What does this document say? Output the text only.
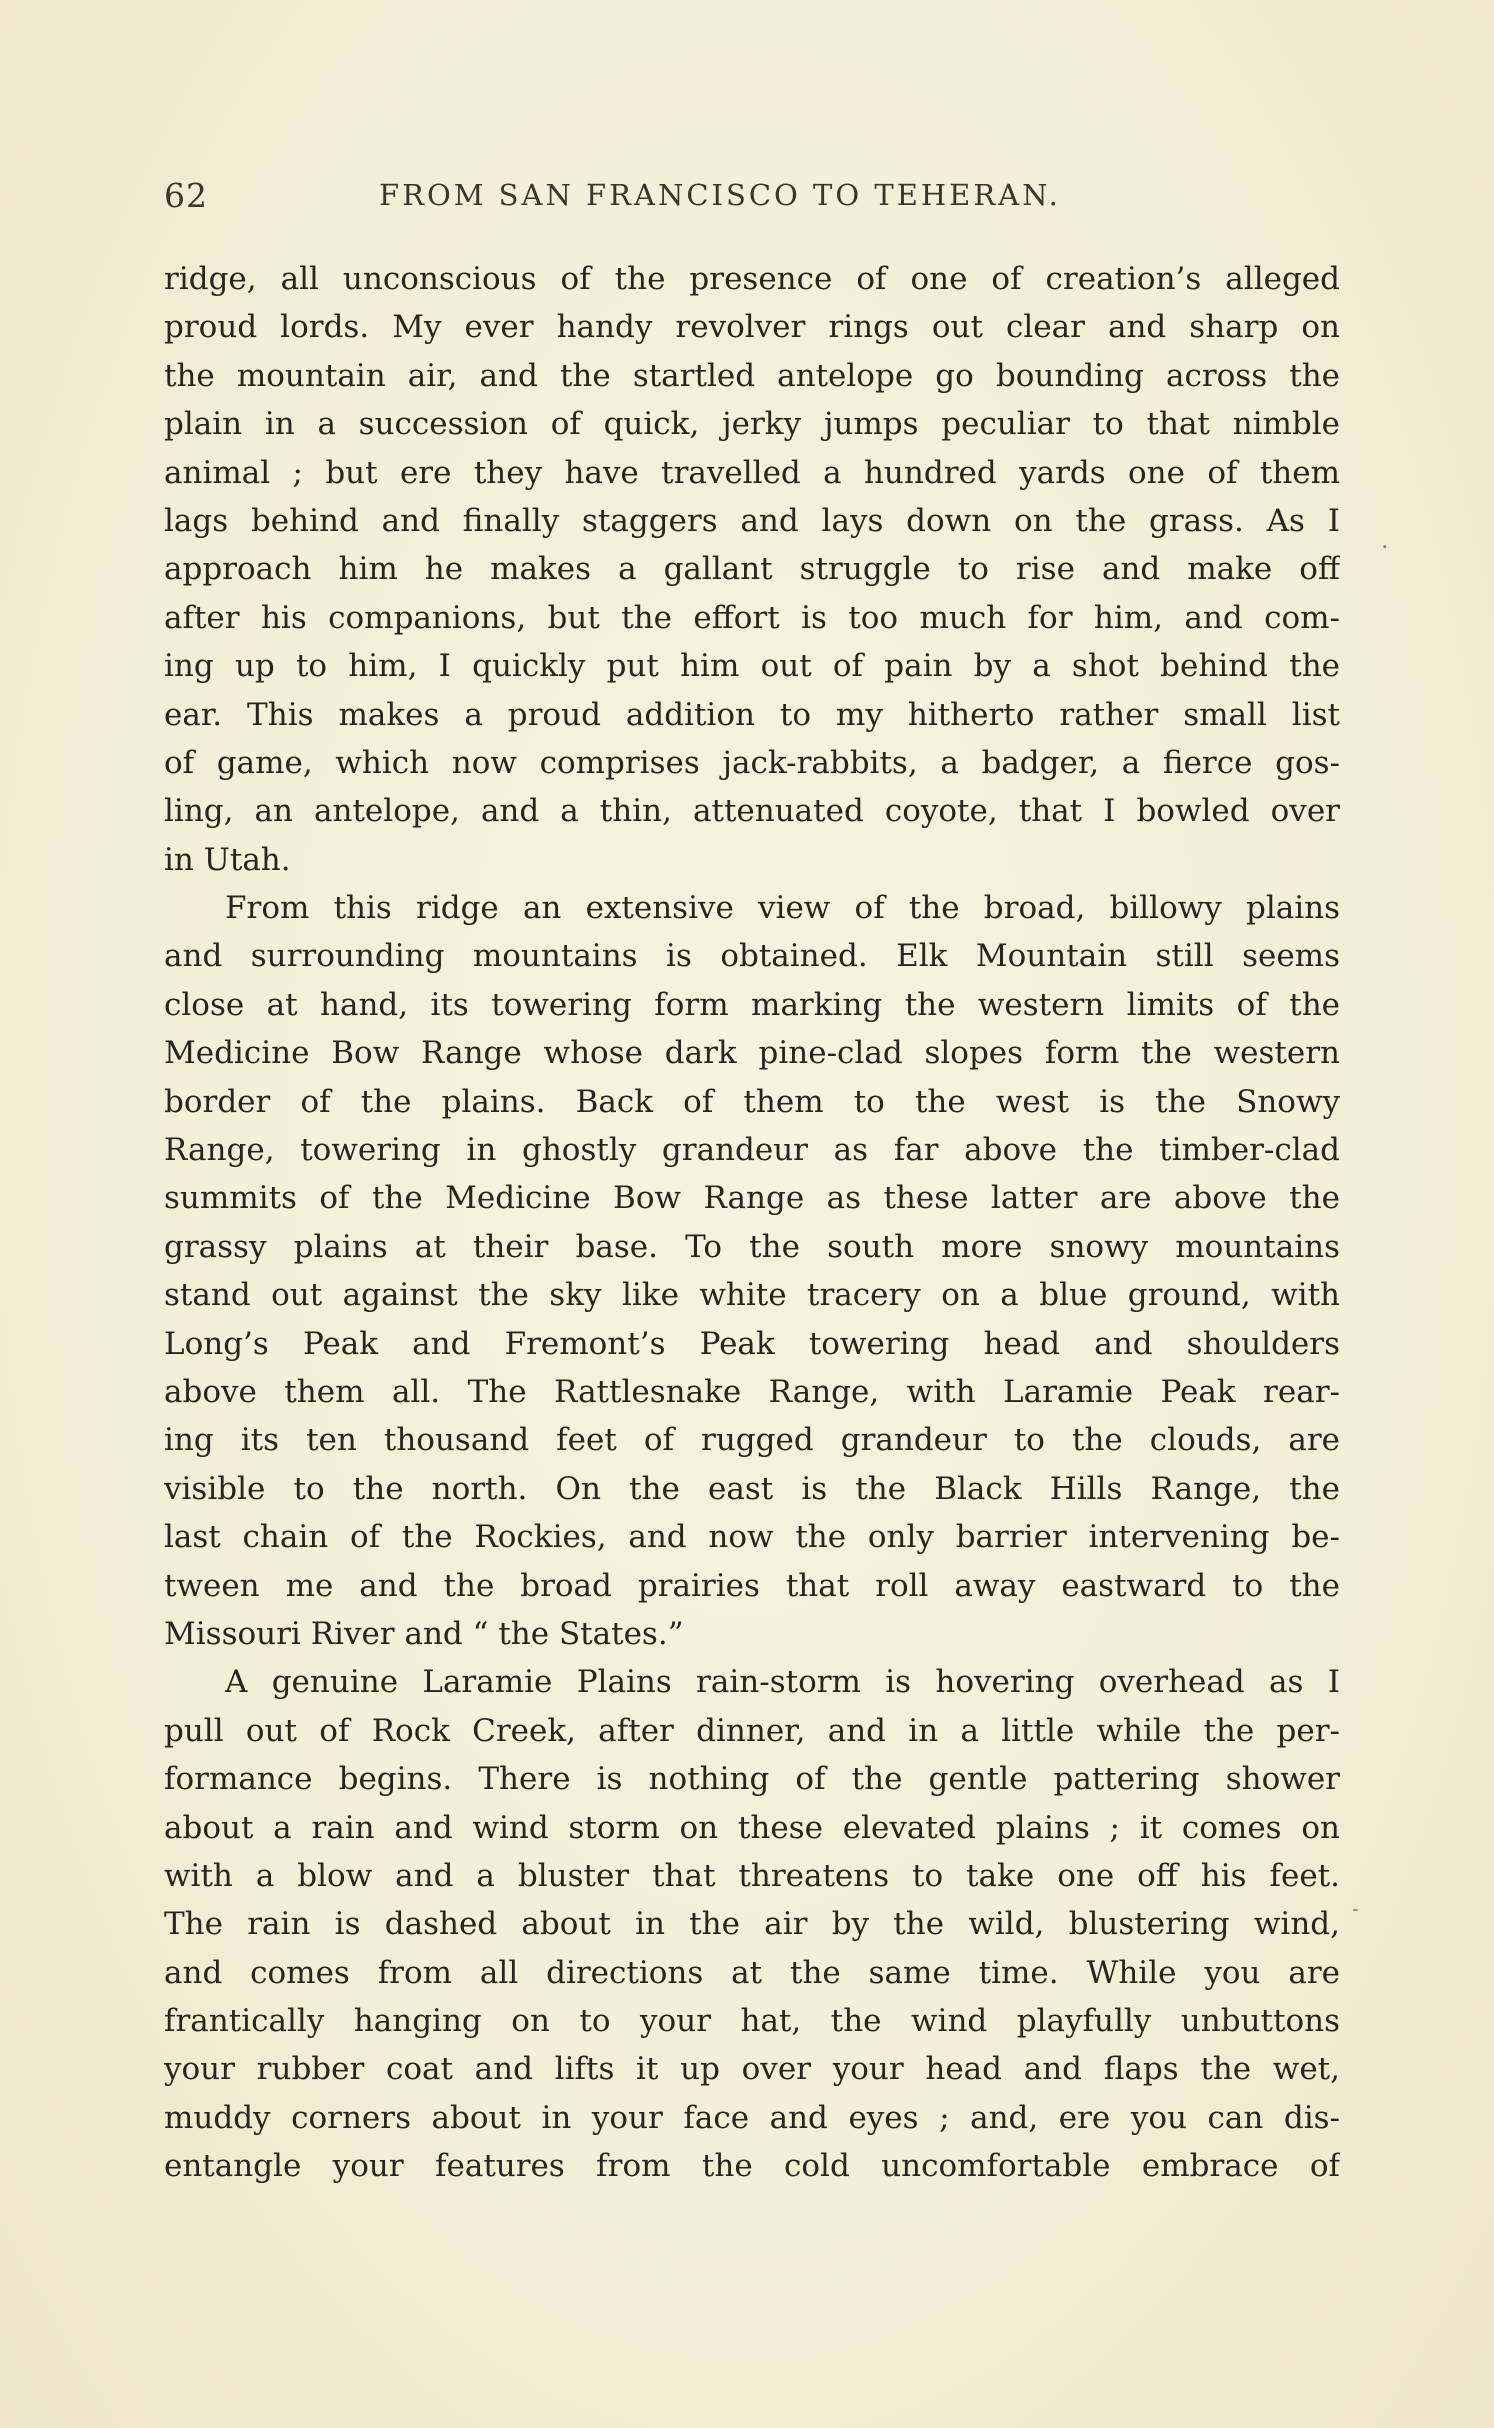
62	FROM SAN FRANCISCO TO TEHERAN.
.
ridge, all unconscious of the presence of one of creation’s alleged
proud lords. My ever handy revolver rings out clear and sharp on
the mountain air, and the startled antelope go bounding across the
plain in a succession of quick, jerky jumps peculiar to that nimble
animal ; but ere they have travelled a hundred yards one of them
lags behind and finally staggers and lays down on the grass. As I
approach him he makes a gallant struggle to rise and make off
after his companions, but the effort is too much for him, and com-
ing up to him, I quickly put him out of pain by a shot behind the
ear. This makes a proud addition to my hitherto rather small list
of game, which now comprises jack-rabbits, a badger, a fierce gos-
ling, an antelope, and a thin, attenuated coyote, that I bowled over
in Utah.
From this ridge an extensive view of the broad, billowy plains
and surrounding mountains is obtained. Elk Mountain still seems
close at hand, its towering form marking the western limits of the
Medicine Bow Range whose dark pine-clad slopes form the western
border of the plains. Back of them to the west is the Snowy
Range, towering in ghostly grandeur as far above the timber-clad
summits of the Medicine Bow Range as these latter are above the
grassy plains at their base. To the south more snowy mountains
stand out against the sky like white tracery on a blue ground, with
Long’s Peak and Fremont’s Peak towering head and shoulders
above them all. The Rattlesnake Range, with Laramie Peak rear-
ing its ten thousand feet of rugged grandeur to the clouds, are
visible to the north. On the east is the Black Hills Range, the
last chain of the Rockies, and now the only barrier intervening be-
tween me and the broad prairies that roll away eastward to the
Missouri River and “ the States.”
A genuine Laramie Plains rain-storm is hovering overhead as I
pull out of Rock Creek, after dinner, and in a little while the per-
formance begins. There is nothing of the gentle pattering shower
about a rain and wind storm on these elevated plains ; it comes on
with a blow and a bluster that threatens to take one off his feet.
The rain is dashed about in the air by the wild, blustering wind,
and comes from all directions at the same time. While you are
frantically hanging on to your hat, the wind playfully unbuttons
your rubber coat and lifts it up over your head and flaps the wet,
muddy corners about in your face and eyes ; and, ere you can dis-
entangle your features from the cold uncomfortable embrace of
